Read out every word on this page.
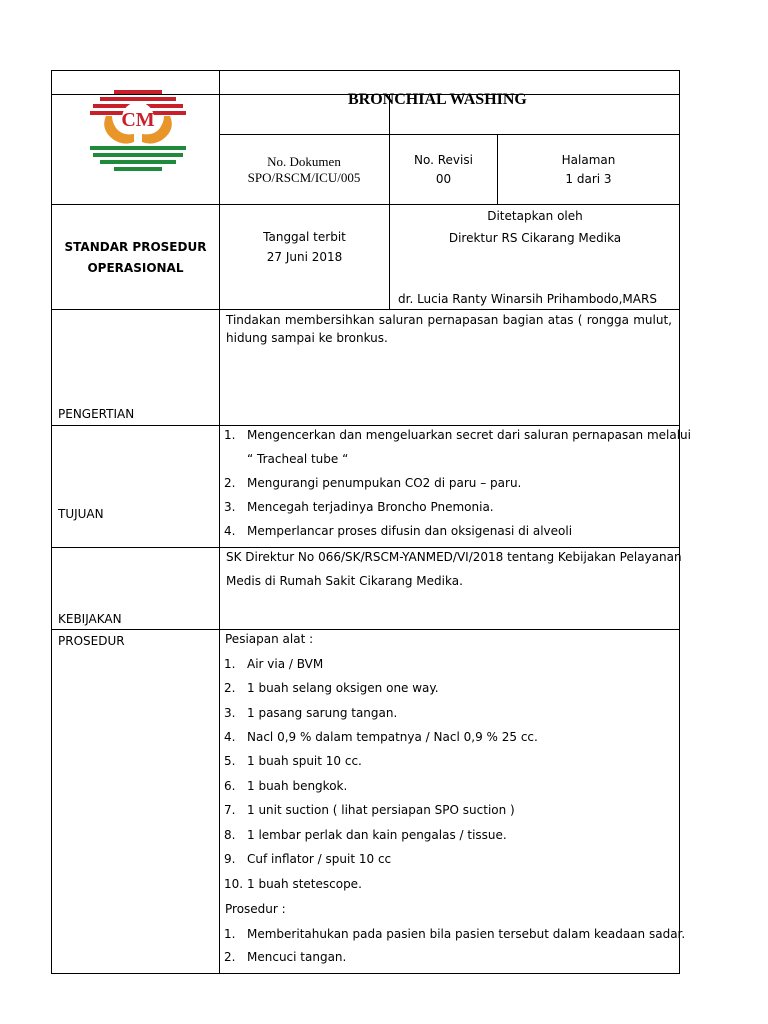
CM
BRONCHIAL WASHING
No. Dokumen
SPO/RSCM/ICU/005
No. Revisi
00
Halaman
1 dari 3
STANDAR PROSEDUR
OPERASIONAL
Tanggal terbit
27 Juni 2018
Ditetapkan oleh
Direktur RS Cikarang Medika
dr. Lucia Ranty Winarsih Prihambodo,MARS
PENGERTIAN
Tindakan membersihkan saluran pernapasan bagian atas ( rongga mulut, hidung sampai ke bronkus.
TUJUAN
1. Mengencerkan dan mengeluarkan secret dari saluran pernapasan melalui
“ Tracheal tube “
2. Mengurangi penumpukan CO2 di paru – paru.
3. Mencegah terjadinya Broncho Pnemonia.
4. Memperlancar proses difusin dan oksigenasi di alveoli
KEBIJAKAN
SK Direktur No 066/SK/RSCM-YANMED/VI/2018 tentang Kebijakan Pelayanan
Medis di Rumah Sakit Cikarang Medika.
PROSEDUR	Pesiapan alat :
1. Air via / BVM
2. 1 buah selang oksigen one way.
3. 1 pasang sarung tangan.
4. Nacl 0,9 % dalam tempatnya / Nacl 0,9 % 25 cc.
5. 1 buah spuit 10 cc.
6. 1 buah bengkok.
7. 1 unit suction ( lihat persiapan SPO suction )
8. 1 lembar perlak dan kain pengalas / tissue.
9. Cuf inflator / spuit 10 cc
10. 1 buah stetescope.
Prosedur :
1. Memberitahukan pada pasien bila pasien tersebut dalam keadaan sadar.
2. Mencuci tangan.
